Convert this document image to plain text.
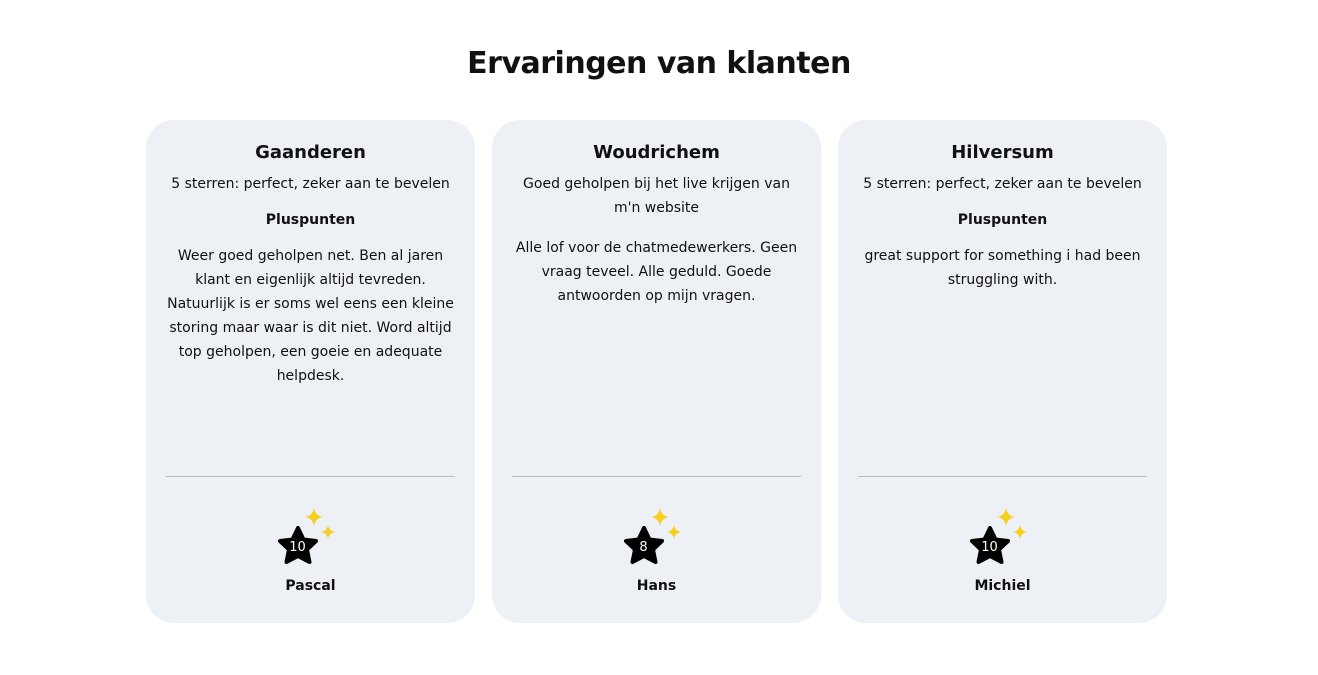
Ervaringen van klanten
Gaanderen
5 sterren: perfect, zeker aan te bevelen
Pluspunten
Weer goed geholpen net. Ben al jaren klant en eigenlijk altijd tevreden. Natuurlijk is er soms wel eens een kleine storing maar waar is dit niet. Word altijd top geholpen, een goeie en adequate helpdesk.
10
Pascal
Woudrichem
Goed geholpen bij het live krijgen van m'n website
Alle lof voor de chatmedewerkers. Geen vraag teveel. Alle geduld. Goede antwoorden op mijn vragen.
8
Hans
Hilversum
5 sterren: perfect, zeker aan te bevelen
Pluspunten
great support for something i had been struggling with.
10
Michiel
